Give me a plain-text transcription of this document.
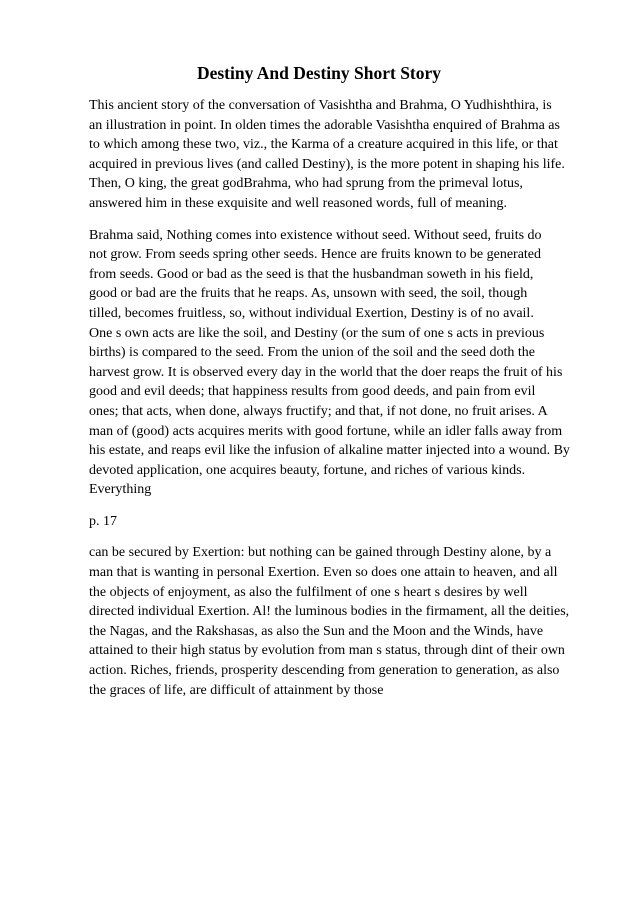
Destiny And Destiny Short Story
This ancient story of the conversation of Vasishtha and Brahma, O Yudhishthira, is
an illustration in point. In olden times the adorable Vasishtha enquired of Brahma as
to which among these two, viz., the Karma of a creature acquired in this life, or that
acquired in previous lives (and called Destiny), is the more potent in shaping his life.
Then, O king, the great godBrahma, who had sprung from the primeval lotus,
answered him in these exquisite and well reasoned words, full of meaning.
Brahma said, Nothing comes into existence without seed. Without seed, fruits do
not grow. From seeds spring other seeds. Hence are fruits known to be generated
from seeds. Good or bad as the seed is that the husbandman soweth in his field,
good or bad are the fruits that he reaps. As, unsown with seed, the soil, though
tilled, becomes fruitless, so, without individual Exertion, Destiny is of no avail.
One s own acts are like the soil, and Destiny (or the sum of one s acts in previous
births) is compared to the seed. From the union of the soil and the seed doth the
harvest grow. It is observed every day in the world that the doer reaps the fruit of his
good and evil deeds; that happiness results from good deeds, and pain from evil
ones; that acts, when done, always fructify; and that, if not done, no fruit arises. A
man of (good) acts acquires merits with good fortune, while an idler falls away from
his estate, and reaps evil like the infusion of alkaline matter injected into a wound. By
devoted application, one acquires beauty, fortune, and riches of various kinds.
Everything
p. 17
can be secured by Exertion: but nothing can be gained through Destiny alone, by a
man that is wanting in personal Exertion. Even so does one attain to heaven, and all
the objects of enjoyment, as also the fulfilment of one s heart s desires by well
directed individual Exertion. Al! the luminous bodies in the firmament, all the deities,
the Nagas, and the Rakshasas, as also the Sun and the Moon and the Winds, have
attained to their high status by evolution from man s status, through dint of their own
action. Riches, friends, prosperity descending from generation to generation, as also
the graces of life, are difficult of attainment by those
